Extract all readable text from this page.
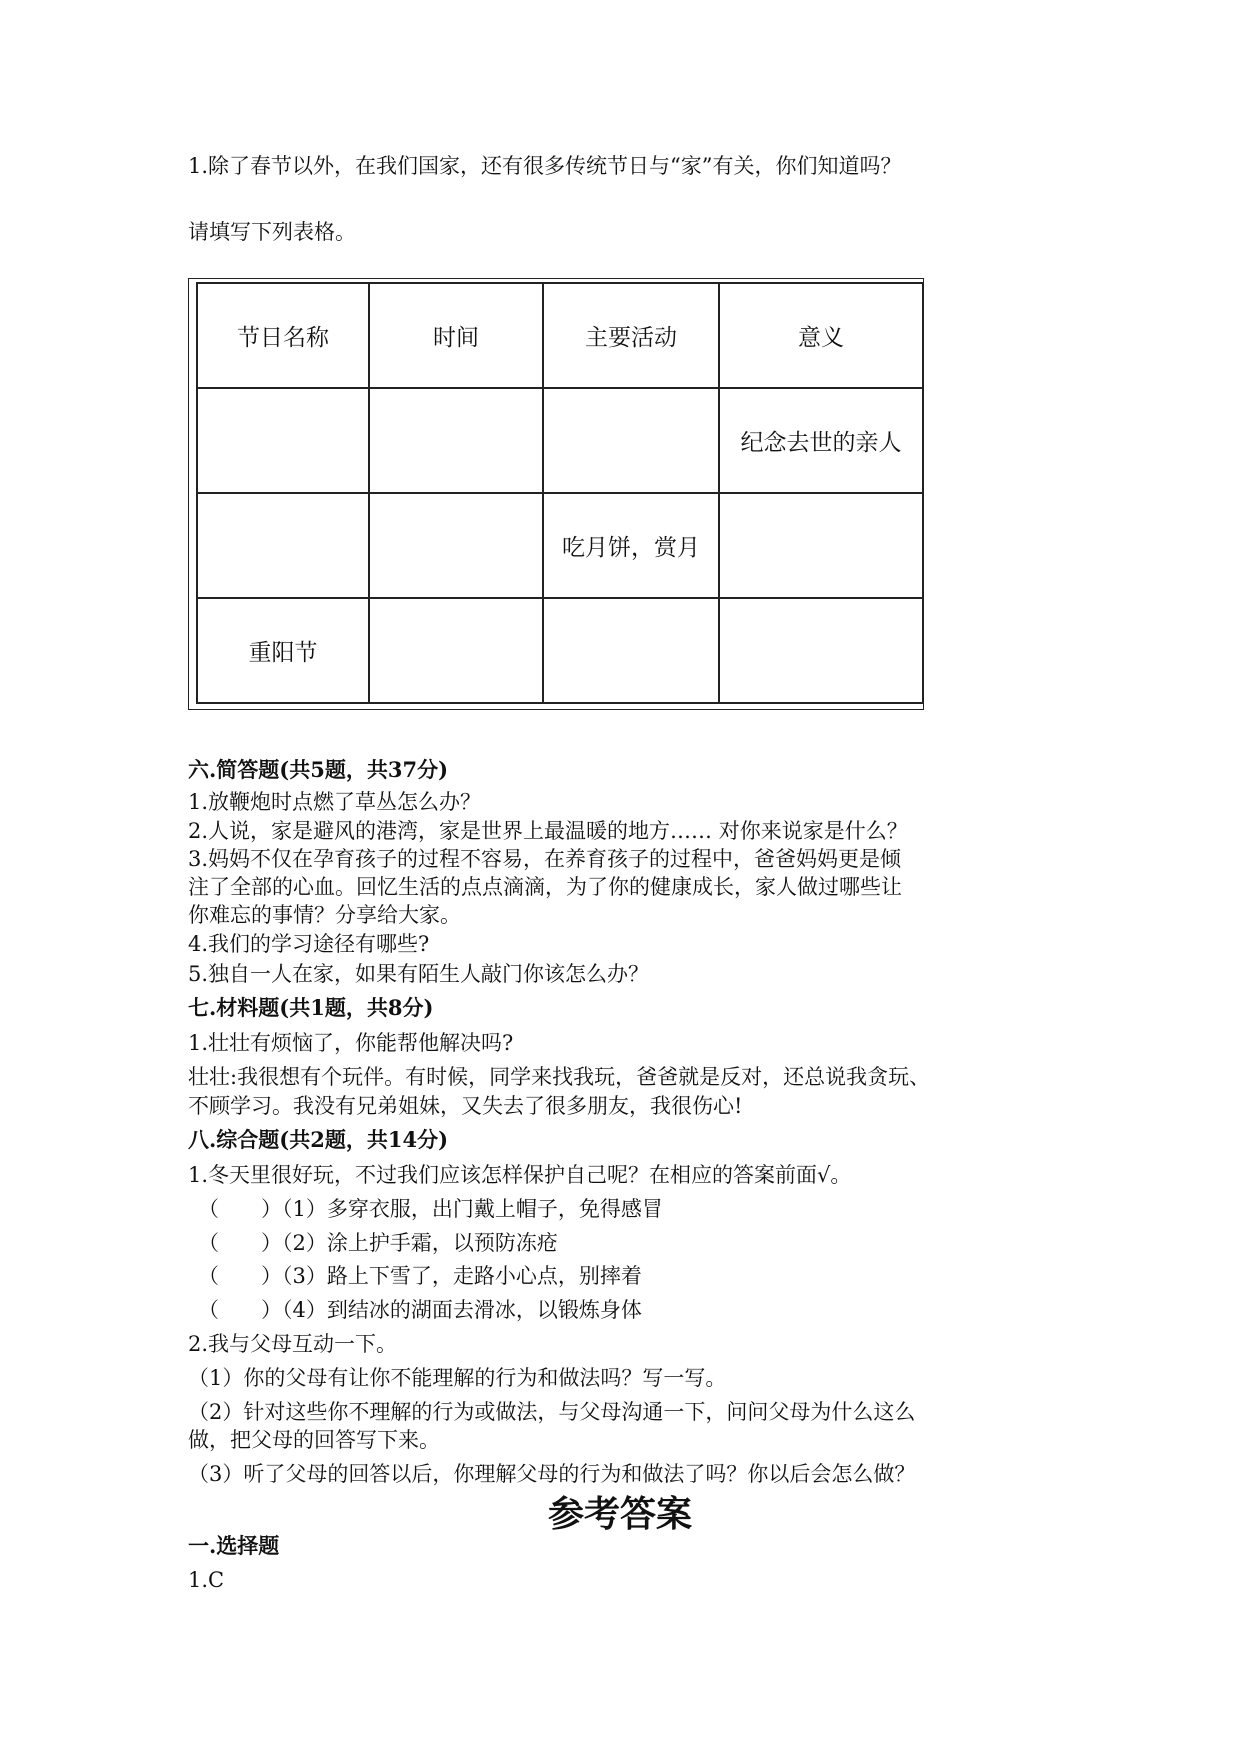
1.除了春节以外，在我们国家，还有很多传统节日与“家”有关，你们知道吗？
请填写下列表格。
节日名称	时间	主要活动	意义
			纪念去世的亲人
		吃月饼，赏月	
重阳节			
六.简答题(共5题，共37分)
1.放鞭炮时点燃了草丛怎么办？
2.人说，家是避风的港湾，家是世界上最温暖的地方…… 对你来说家是什么？
3.妈妈不仅在孕育孩子的过程不容易，在养育孩子的过程中，爸爸妈妈更是倾
注了全部的心血。回忆生活的点点滴滴，为了你的健康成长，家人做过哪些让
你难忘的事情？分享给大家。
4.我们的学习途径有哪些?
5.独自一人在家，如果有陌生人敲门你该怎么办？
七.材料题(共1题，共8分)
1.壮壮有烦恼了，你能帮他解决吗?
壮壮:我很想有个玩伴。有时候，同学来找我玩，爸爸就是反对，还总说我贪玩、
不顾学习。我没有兄弟姐妹，又失去了很多朋友，我很伤心!
八.综合题(共2题，共14分)
1.冬天里很好玩，不过我们应该怎样保护自己呢？在相应的答案前面√。
（　　）（1）多穿衣服，出门戴上帽子，免得感冒
（　　）（2）涂上护手霜，以预防冻疮
（　　）（3）路上下雪了，走路小心点，别摔着
（　　）（4）到结冰的湖面去滑冰，以锻炼身体
2.我与父母互动一下。
（1）你的父母有让你不能理解的行为和做法吗？写一写。
（2）针对这些你不理解的行为或做法，与父母沟通一下，问问父母为什么这么
做，把父母的回答写下来。
（3）听了父母的回答以后，你理解父母的行为和做法了吗？你以后会怎么做？
参考答案
一.选择题
1.C
